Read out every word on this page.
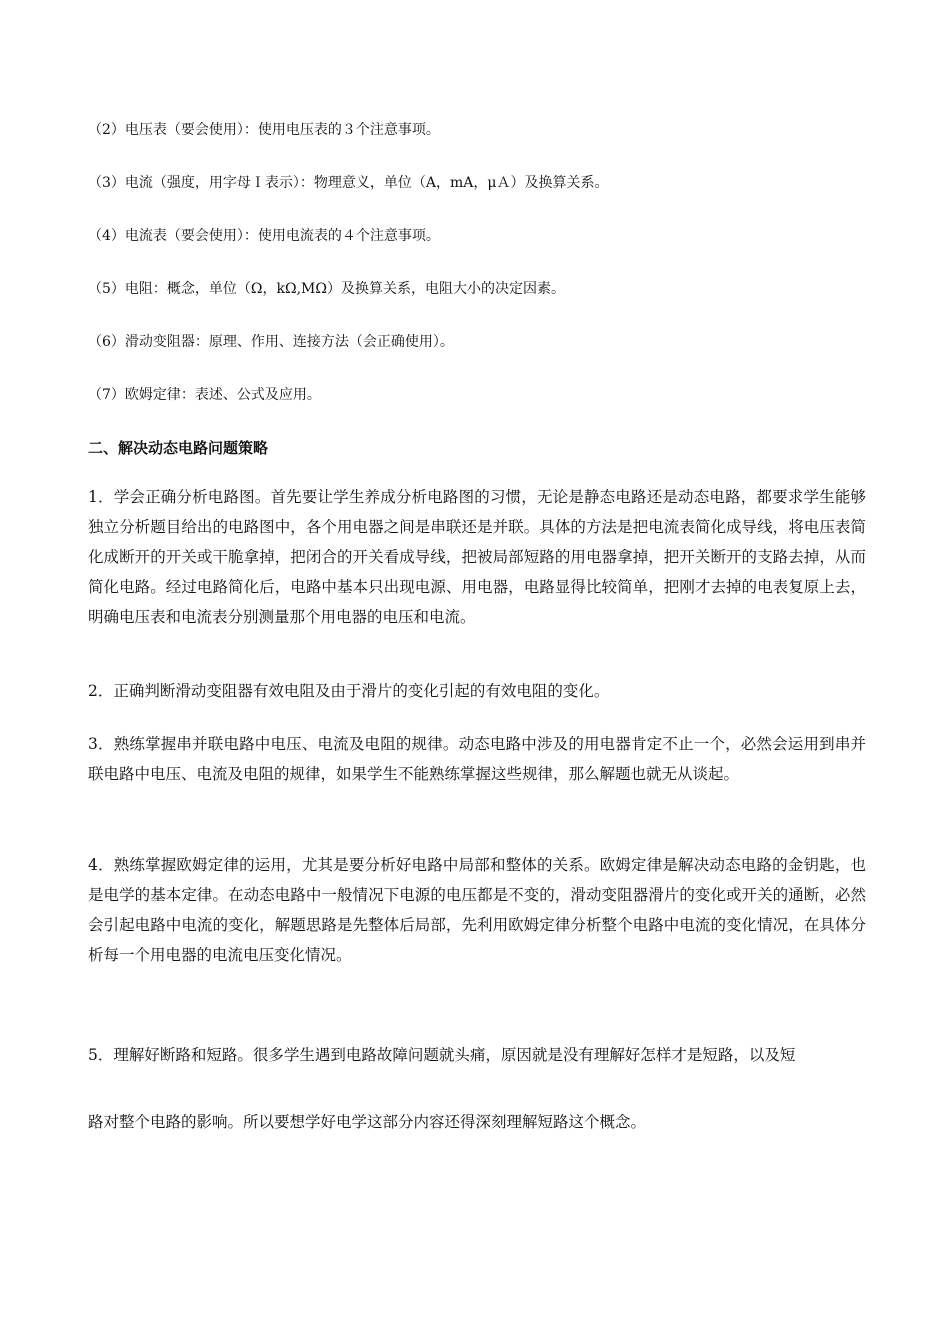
（2）电压表（要会使用）：使用电压表的３个注意事项。
（3）电流（强度，用字母Ｉ表示）：物理意义，单位（A，mA，μＡ）及换算关系。
（4）电流表（要会使用）：使用电流表的４个注意事项。
（5）电阻：概念，单位（Ω，kΩ,MΩ）及换算关系，电阻大小的决定因素。
（6）滑动变阻器：原理、作用、连接方法（会正确使用）。
（7）欧姆定律：表述、公式及应用。
二、解决动态电路问题策略
1．学会正确分析电路图。首先要让学生养成分析电路图的习惯，无论是静态电路还是动态电路，都要求学生能够独立分析题目给出的电路图中，各个用电器之间是串联还是并联。具体的方法是把电流表简化成导线，将电压表简化成断开的开关或干脆拿掉，把闭合的开关看成导线，把被局部短路的用电器拿掉，把开关断开的支路去掉，从而简化电路。经过电路简化后，电路中基本只出现电源、用电器，电路显得比较简单，把刚才去掉的电表复原上去，明确电压表和电流表分别测量那个用电器的电压和电流。
2．正确判断滑动变阻器有效电阻及由于滑片的变化引起的有效电阻的变化。
3．熟练掌握串并联电路中电压、电流及电阻的规律。动态电路中涉及的用电器肯定不止一个，必然会运用到串并联电路中电压、电流及电阻的规律，如果学生不能熟练掌握这些规律，那么解题也就无从谈起。
4．熟练掌握欧姆定律的运用，尤其是要分析好电路中局部和整体的关系。欧姆定律是解决动态电路的金钥匙，也是电学的基本定律。在动态电路中一般情况下电源的电压都是不变的，滑动变阻器滑片的变化或开关的通断，必然会引起电路中电流的变化，解题思路是先整体后局部，先利用欧姆定律分析整个电路中电流的变化情况，在具体分析每一个用电器的电流电压变化情况。
5．理解好断路和短路。很多学生遇到电路故障问题就头痛，原因就是没有理解好怎样才是短路，以及短
路对整个电路的影响。所以要想学好电学这部分内容还得深刻理解短路这个概念。
